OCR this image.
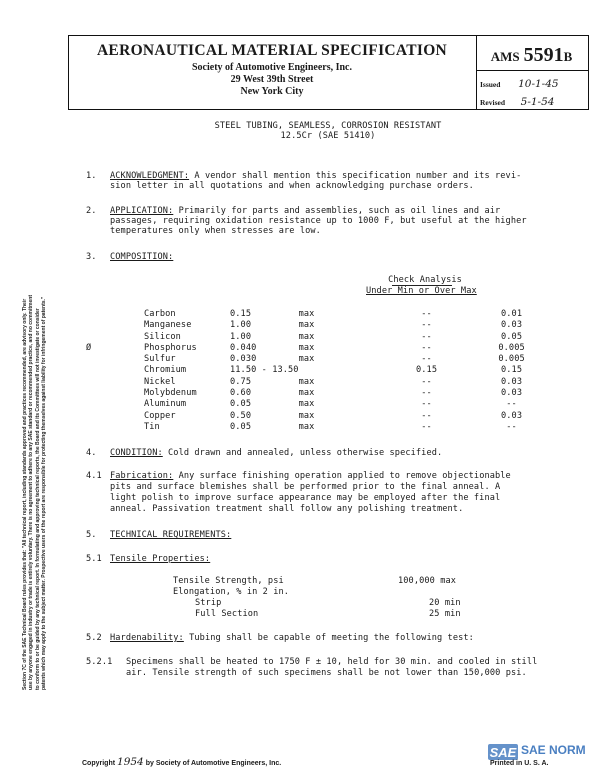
Section 7C of the SAE Technical Board rules provides that: "All technical report, including standards approved and practices recommended, are advisory only. Their use by anyone engaged in industry or trade is entirely voluntary. There is no agreement to adhere to any SAE standard or recommended practice, and no commitment to conform to or be guided by any technical report. In formulating and approving technical reports, the Board and its Committees will not investigate or consider patents which may apply to the subject matter. Prospective users of the report are responsible for protecting themselves against liability for infringement of patents."
AERONAUTICAL MATERIAL SPECIFICATION
Society of Automotive Engineers, Inc.
29 West 39th Street
New York City
AMS 5591B
Issued 10-1-45
Revised 5-1-54
STEEL TUBING, SEAMLESS, CORROSION RESISTANT
12.5Cr (SAE 51410)
1. ACKNOWLEDGMENT: A vendor shall mention this specification number and its revi-
sion letter in all quotations and when acknowledging purchase orders.
2. APPLICATION: Primarily for parts and assemblies, such as oil lines and air
passages, requiring oxidation resistance up to 1000 F, but useful at the higher
temperatures only when stresses are low.
3. COMPOSITION:
Check Analysis
Under Min or Over Max
	Carbon	0.15	max	--	0.01
	Manganese	1.00	max	--	0.03
	Silicon	1.00	max	--	0.05
Ø	Phosphorus	0.040	max	--	0.005
	Sulfur	0.030	max	--	0.005
	Chromium	11.50 - 13.50		0.15	0.15
	Nickel	0.75	max	--	0.03
	Molybdenum	0.60	max	--	0.03
	Aluminum	0.05	max	--	--
	Copper	0.50	max	--	0.03
	Tin	0.05	max	--	--
4. CONDITION: Cold drawn and annealed, unless otherwise specified.
4.1 Fabrication: Any surface finishing operation applied to remove objectionable
pits and surface blemishes shall be performed prior to the final anneal. A
light polish to improve surface appearance may be employed after the final
anneal. Passivation treatment shall follow any polishing treatment.
5. TECHNICAL REQUIREMENTS:
5.1 Tensile Properties:
Tensile Strength, psi	100,000 max
Elongation, % in 2 in.
Strip	20 min
Full Section	25 min
5.2 Hardenability: Tubing shall be capable of meeting the following test:
5.2.1 Specimens shall be heated to 1750 F ± 10, held for 30 min. and cooled in still
air. Tensile strength of such specimens shall be not lower than 150,000 psi.
Copyright 1954 by Society of Automotive Engineers, Inc.
SAE SAE NORM
Printed in U. S. A.
